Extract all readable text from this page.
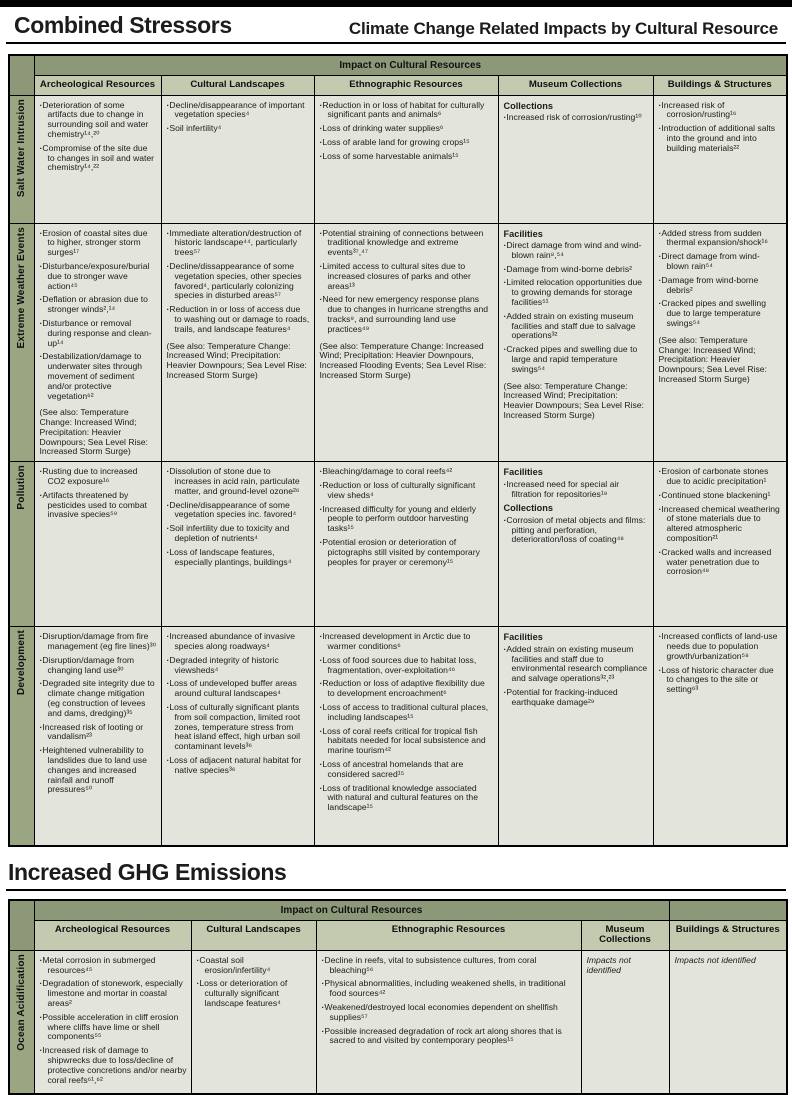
Combined Stressors	Climate Change Related Impacts by Cultural Resource
	Impact on Cultural Resources				
	Archeological Resources	Cultural Landscapes	Ethnographic Resources	Museum Collections	Buildings & Structures
Salt Water Intrusion	
·Deterioration of some artifacts due to change in surrounding soil and water chemistry¹⁴,²⁰
· Compromise of the site due to changes in soil and water chemistry¹⁴,²²

· Decline/disappearance of important vegetation species⁴
· Soil infertility⁴

· Reduction in or loss of habitat for culturally significant pants and animals⁶
· Loss of drinking water supplies⁶
· Loss of arable land for growing crops¹⁵
· Loss of some harvestable animals¹⁵

Collections
· Increased risk of corrosion/rusting¹⁰

· Increased risk of corrosion/rusting¹⁶
· Introduction of additional salts into the ground and into building materials²²

Extreme Weather Events	
·Erosion of coastal sites due to higher, stronger storm surges¹⁷
· Disturbance/exposure/burial due to stronger wave action⁴⁵
· Deflation or abrasion due to stronger winds²,¹⁴
· Disturbance or removal during response and clean-up¹⁴
· Destabilization/damage to underwater sites through movement of sediment and/or protective vegetation⁶²
(See also: Temperature Change: Increased Wind; Precipitation: Heavier Downpours; Sea Level Rise: Increased Storm Surge)

· Immediate alteration/destruction of historic landscape⁴⁴, particularly trees⁵⁷
· Decline/dissappearance of some vegetation species, other species favored⁴, particularly colonizing species in disturbed areas⁵⁷
· Reduction in or loss of access due to washing out or damage to roads, trails, and landscape features⁴
(See also: Temperature Change: Increased Wind; Precipitation: Heavier Downpours; Sea Level Rise: Increased Storm Surge)

· Potential straining of connections between traditional knowledge and extreme events³⁷,⁴⁷
· Limited access to cultural sites due to increased closures of parks and other areas¹³
· Need for new emergency response plans due to changes in hurricane strengths and tracks⁹, and surrounding land use practices⁴⁹
(See also: Temperature Change: Increased Wind; Precipitation: Heavier Downpours, Increased Flooding Events; Sea Level Rise: Increased Storm Surge)

Facilities
· Direct damage from wind and wind-blown rain⁸,⁵⁴
· Damage from wind-borne debris²
· Limited relocation opportunities due to growing demands for storage facilities⁵¹
· Added strain on existing museum facilities and staff due to salvage operations³²
· Cracked pipes and swelling due to large and rapid temperature swings⁵⁴
(See also: Temperature Change: Increased Wind; Precipitation: Heavier Downpours; Sea Level Rise: Increased Storm Surge)

· Added stress from sudden thermal expansion/shock¹⁶
· Direct damage from wind-blown rain⁵⁴
· Damage from wind-borne debris²
· Cracked pipes and swelling due to large temperature swings⁵⁴
(See also: Temperature Change: Increased Wind; Precipitation: Heavier Downpours; Sea Level Rise: Increased Storm Surge)

Pollution	
·Rusting due to increased CO2 exposure¹⁶
· Artifacts threatened by pesticides used to combat invasive species⁵⁹

· Dissolution of stone due to increases in acid rain, particulate matter, and ground-level ozone²⁶
· Decline/disappearance of some vegetation species inc. favored⁴
· Soil infertility due to toxicity and depletion of nutrients⁴
· Loss of landscape features, especially plantings, buildings⁴

· Bleaching/damage to coral reefs⁴²
· Reduction or loss of culturally significant view sheds⁴
· Increased difficulty for young and elderly people to perform outdoor harvesting tasks¹⁵
· Potential erosion or deterioration of pictographs still visited by contemporary peoples for prayer or ceremony¹⁵

Facilities
· Increased need for special air filtration for repositories¹⁹
Collections
· Corrosion of metal objects and films: pitting and perforation, deterioration/loss of coating⁴⁸

· Erosion of carbonate stones due to acidic precipitation¹
· Continued stone blackening¹
· Increased chemical weathering of stone materials due to altered atmospheric composition²¹
· Cracked walls and increased water penetration due to corrosion⁴⁸

Development	
·Disruption/damage from fire management (eg fire lines)³⁰
· Disruption/damage from changing land use³⁰
· Degraded site integrity due to climate change mitigation (eg construction of levees and dams, dredging)³⁵
· Increased risk of looting or vandalism²³
· Heightened vulnerability to landslides due to land use changes and increased rainfall and runoff pressures⁵⁰

· Increased abundance of invasive species along roadways⁴
· Degraded integrity of historic viewsheds⁴
· Loss of undeveloped buffer areas around cultural landscapes⁴
· Loss of culturally significant plants from soil compaction, limited root zones, temperature stress from heat island effect, high urban soil contaminant levels³⁶
· Loss of adjacent natural habitat for native species³⁶

· Increased development in Arctic due to warmer conditions⁶
· Loss of food sources due to habitat loss, fragmentation, over-exploitation⁴⁶
· Reduction or loss of adaptive flexibility due to development encroachment⁶
· Loss of access to traditional cultural places, including landscapes¹⁵
· Loss of coral reefs critical for tropical fish habitats needed for local subsistence and marine tourism⁴²
· Loss of ancestral homelands that are considered sacred¹⁵
· Loss of traditional knowledge associated with natural and cultural features on the landscape¹⁵

Facilities
· Added strain on existing museum facilities and staff due to environmental research compliance and salvage operations³²,²³
· Potential for fracking-induced earthquake damage²⁹

· Increased conflicts of land-use needs due to population growth/urbanization⁵⁸
· Loss of historic character due to changes to the site or setting⁶³
Increased GHG Emissions
	Impact on Cultural Resources				
	Archeological Resources	Cultural Landscapes	Ethnographic Resources	Museum Collections	Buildings & Structures
Ocean Acidification	
·Metal corrosion in submerged resources⁴⁵
· Degradation of stonework, especially limestone and mortar in coastal areas²
· Possible acceleration in cliff erosion where cliffs have lime or shell components⁵⁵
· Increased risk of damage to shipwrecks due to loss/decline of protective concretions and/or nearby coral reefs⁶¹,⁶²

· Coastal soil erosion/infertility⁴
· Loss or deterioration of culturally significant landscape features⁴

· Decline in reefs, vital to subsistence cultures, from coral bleaching⁵⁶
· Physical abnormalities, including weakened shells, in traditional food sources⁴²
· Weakened/destroyed local economies dependent on shellfish supplies⁵⁷
· Possible increased degradation of rock art along shores that is sacred to and visited by contemporary peoples¹⁵

Impacts not identified

Impacts not identified
